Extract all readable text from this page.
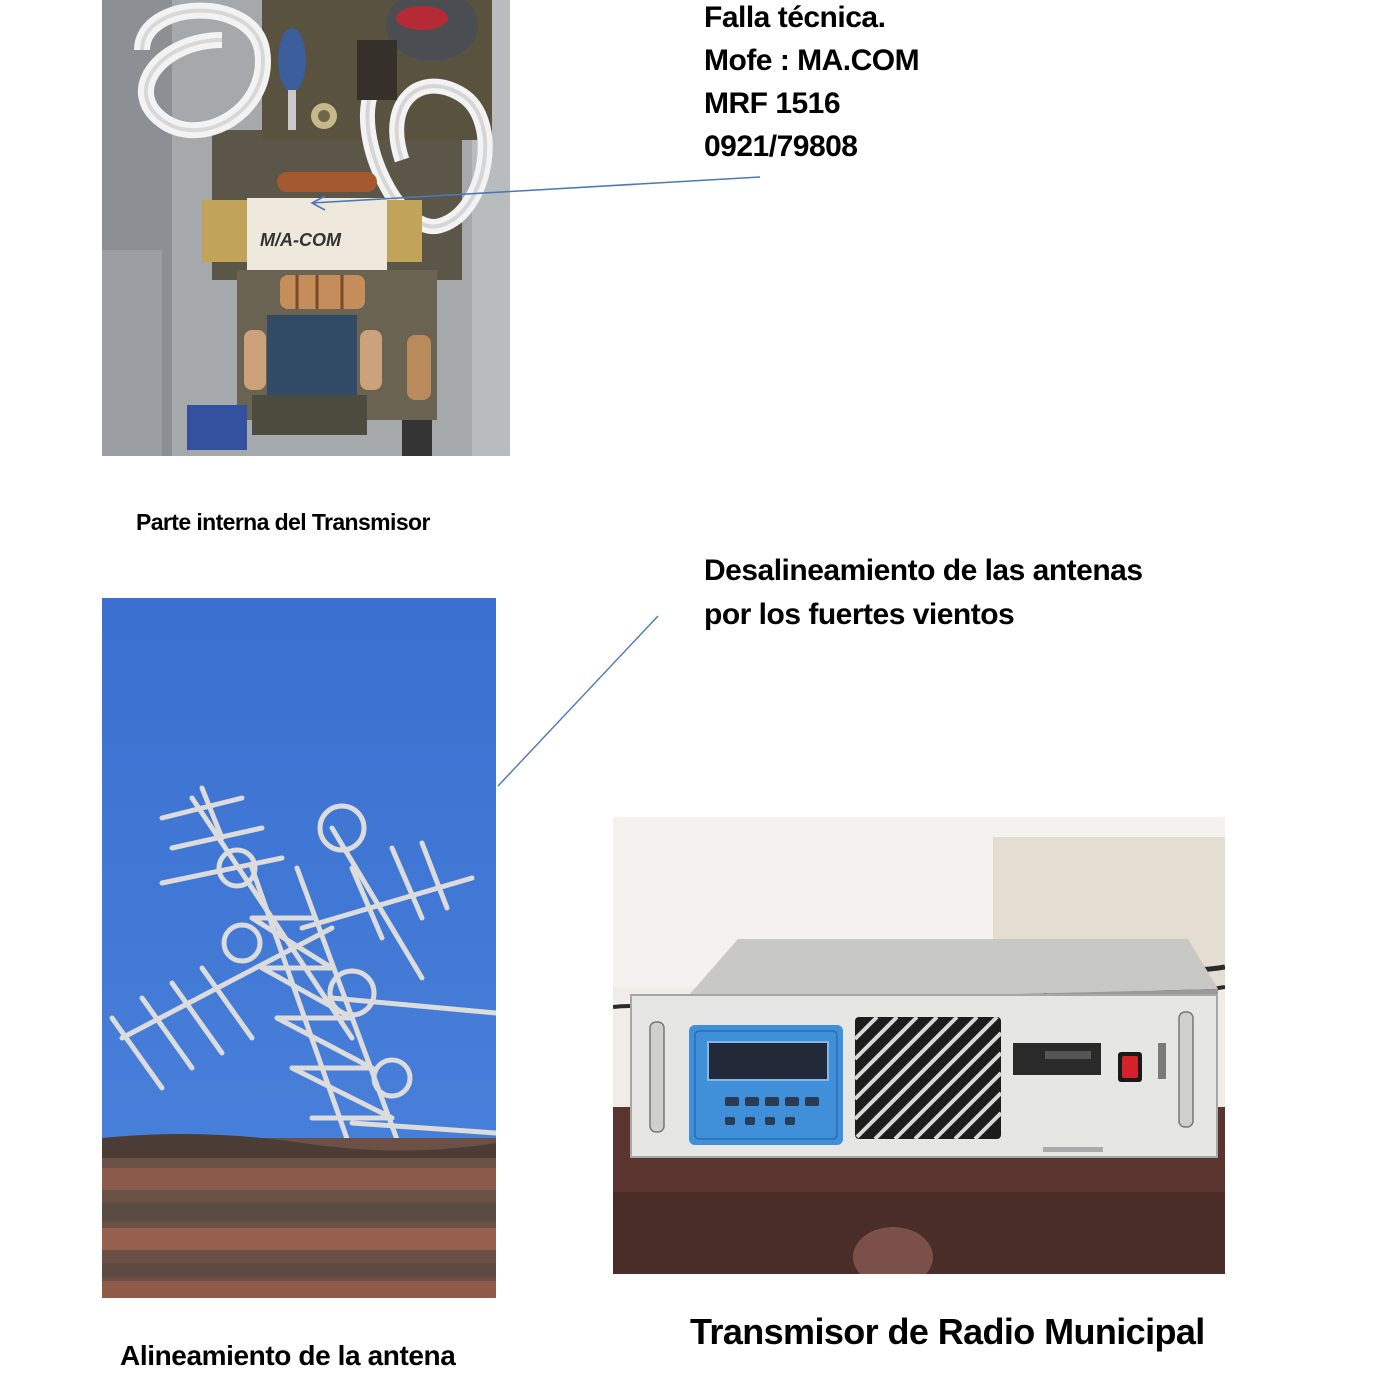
M/A-COM
Falla técnica.
Mofe : MA.COM
MRF 1516
0921/79808
Parte interna del Transmisor
Desalineamiento de las antenas
por los fuertes vientos
Alineamiento de la antena
Transmisor de Radio Municipal
